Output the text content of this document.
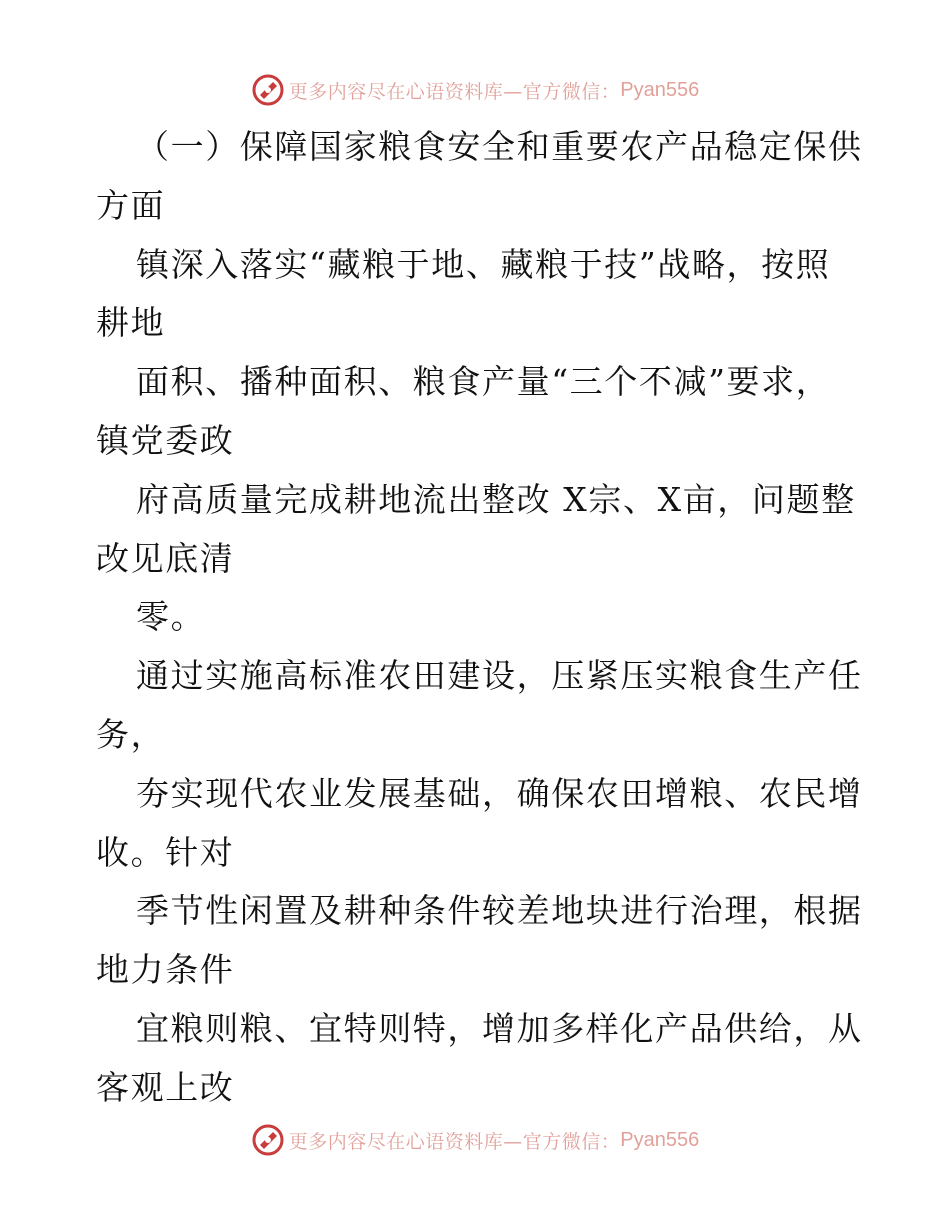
更多内容尽在心语资料库—官方微信： Pyan556
（一）保障国家粮食安全和重要农产品稳定保供
方面
镇深入落实“藏粮于地、藏粮于技”战略，按照
耕地
面积、播种面积、粮食产量“三个不减”要求，
镇党委政
府高质量完成耕地流出整改 X宗、X亩，问题整
改见底清
零。
通过实施高标准农田建设，压紧压实粮食生产任
务，
夯实现代农业发展基础，确保农田增粮、农民增
收。针对
季节性闲置及耕种条件较差地块进行治理，根据
地力条件
宜粮则粮、宜特则特，增加多样化产品供给，从
客观上改
更多内容尽在心语资料库—官方微信： Pyan556
